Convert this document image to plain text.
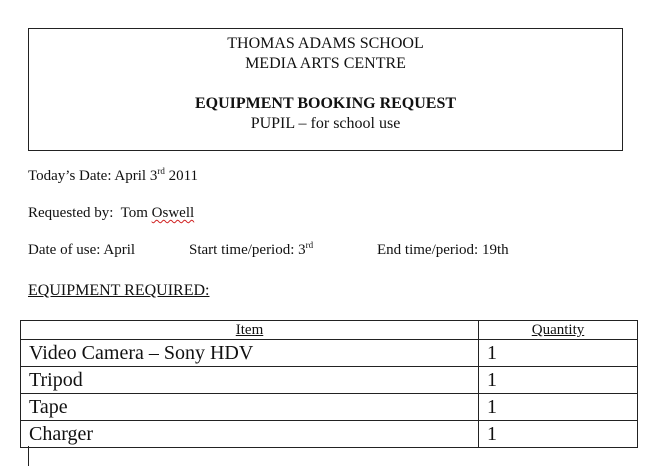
THOMAS ADAMS SCHOOL
MEDIA ARTS CENTRE
EQUIPMENT BOOKING REQUEST
PUPIL – for school use
Today’s Date: April 3rd 2011
Requested by:  Tom Oswell
Date of use: April	Start time/period: 3rd	End time/period: 19th
EQUIPMENT REQUIRED:
Item	Quantity
Video Camera – Sony HDV	1
Tripod	1
Tape	1
Charger	1
